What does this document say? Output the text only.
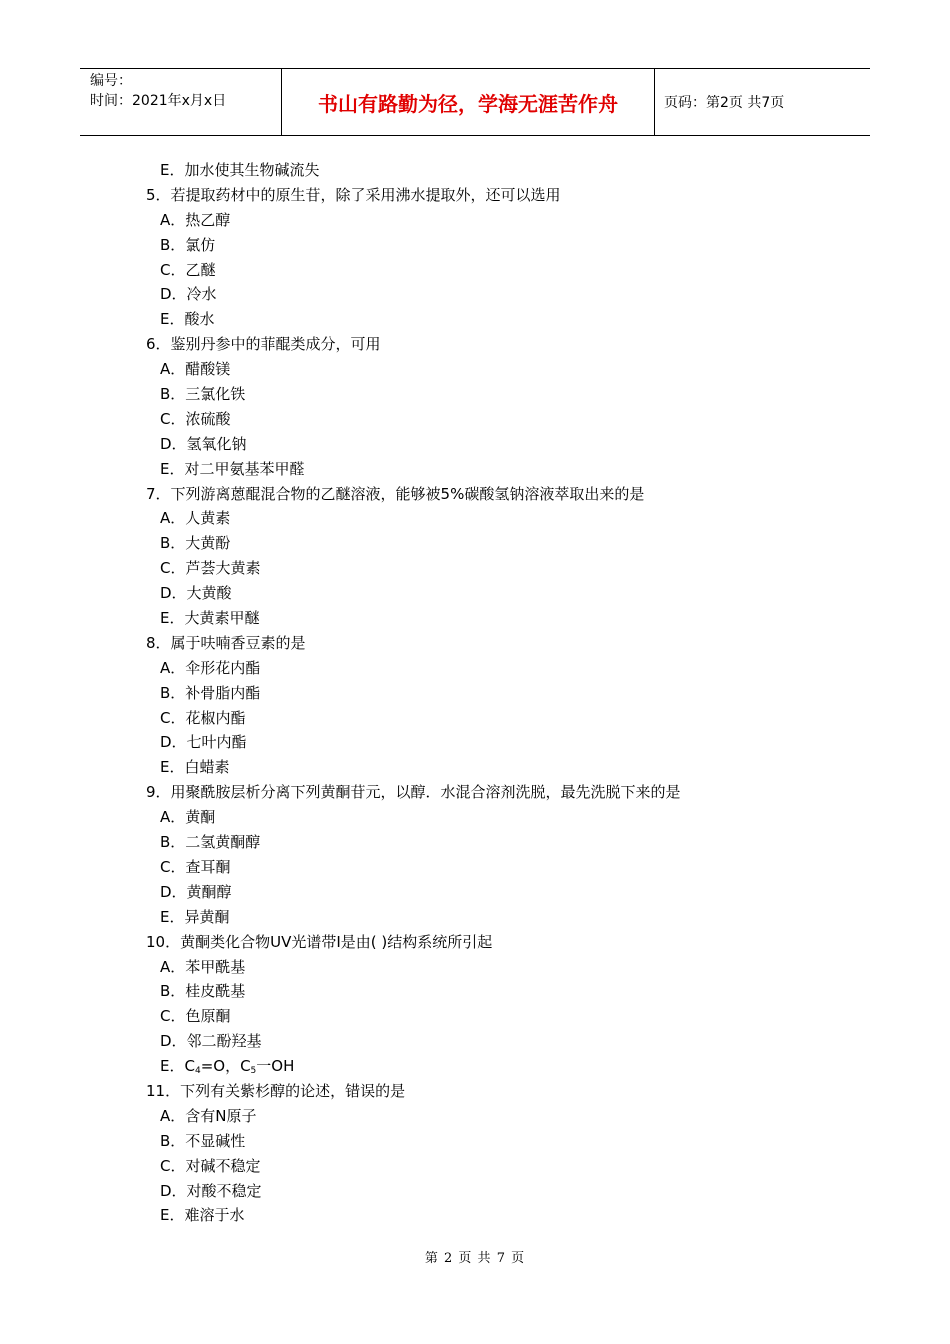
编号：
时间：2021年x月x日	书山有路勤为径，学海无涯苦作舟	页码：第2页 共7页
E．加水使其生物碱流失
5．若提取药材中的原生苷，除了采用沸水提取外，还可以选用
A．热乙醇
B．氯仿
C．乙醚
D．冷水
E．酸水
6．鉴别丹参中的菲醌类成分，可用
A．醋酸镁
B．三氯化铁
C．浓硫酸
D．氢氧化钠
E．对二甲氨基苯甲醛
7．下列游离蒽醌混合物的乙醚溶液，能够被5%碳酸氢钠溶液萃取出来的是
A．人黄素
B．大黄酚
C．芦荟大黄素
D．大黄酸
E．大黄素甲醚
8．属于呋喃香豆素的是
A．伞形花内酯
B．补骨脂内酯
C．花椒内酯
D．七叶内酯
E．白蜡素
9．用聚酰胺层析分离下列黄酮苷元，以醇．水混合溶剂洗脱，最先洗脱下来的是
A．黄酮
B．二氢黄酮醇
C．查耳酮
D．黄酮醇
E．异黄酮
10．黄酮类化合物UV光谱带I是由( )结构系统所引起
A．苯甲酰基
B．桂皮酰基
C．色原酮
D．邻二酚羟基
E．$C_4=O$，$C_5$一OH
11．下列有关紫杉醇的论述，错误的是
A．含有N原子
B．不显碱性
C．对碱不稳定
D．对酸不稳定
E．难溶于水
第 2 页 共 7 页
